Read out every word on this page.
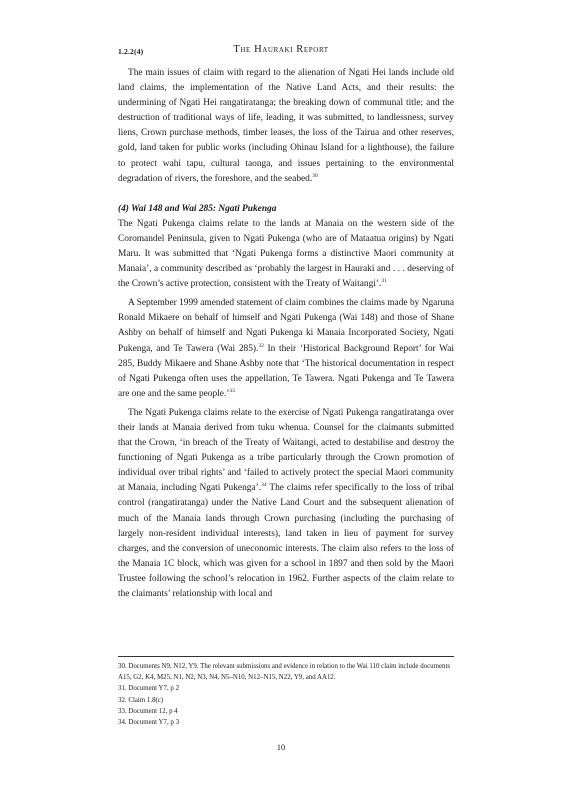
1.2.2(4)	The Hauraki Report

The main issues of claim with regard to the alienation of Ngati Hei lands include old land claims, the implementation of the Native Land Acts, and their results: the undermining of Ngati Hei rangatiratanga; the breaking down of communal title; and the destruction of traditional ways of life, leading, it was submitted, to landlessness, survey liens, Crown purchase methods, timber leases, the loss of the Tairua and other reserves, gold, land taken for public works (including Ohinau Island for a lighthouse), the failure to protect wahi tapu, cultural taonga, and issues pertaining to the environmental degradation of rivers, the foreshore, and the seabed.$^{30}$

(4) Wai 148 and Wai 285: Ngati Pukenga

The Ngati Pukenga claims relate to the lands at Manaia on the western side of the Coromandel Peninsula, given to Ngati Pukenga (who are of Mataatua origins) by Ngati Maru. It was submitted that ‘Ngati Pukenga forms a distinctive Maori community at Manaia’, a community described as ‘probably the largest in Hauraki and . . . deserving of the Crown’s active protection, consistent with the Treaty of Waitangi’.$^{31}$

A September 1999 amended statement of claim combines the claims made by Ngaruna Ronald Mikaere on behalf of himself and Ngati Pukenga (Wai 148) and those of Shane Ashby on behalf of himself and Ngati Pukenga ki Manaia Incorporated Society, Ngati Pukenga, and Te Tawera (Wai 285).$^{32}$ In their ‘Historical Background Report’ for Wai 285, Buddy Mikaere and Shane Ashby note that ‘The historical documentation in respect of Ngati Pukenga often uses the appellation, Te Tawera. Ngati Pukenga and Te Tawera are one and the same people.’$^{33}$

The Ngati Pukenga claims relate to the exercise of Ngati Pukenga rangatiratanga over their lands at Manaia derived from tuku whenua. Counsel for the claimants submitted that the Crown, ‘in breach of the Treaty of Waitangi, acted to destabilise and destroy the functioning of Ngati Pukenga as a tribe particularly through the Crown promotion of individual over tribal rights’ and ‘failed to actively protect the special Maori community at Manaia, including Ngati Pukenga’.$^{34}$ The claims refer specifically to the loss of tribal control (rangatiratanga) under the Native Land Court and the subsequent alienation of much of the Manaia lands through Crown purchasing (including the purchasing of largely non-resident individual interests), land taken in lieu of payment for survey charges, and the conversion of uneconomic interests. The claim also refers to the loss of the Manaia 1C block, which was given for a school in 1897 and then sold by the Maori Trustee following the school’s relocation in 1962. Further aspects of the claim relate to the claimants’ relationship with local and

30. Documents N9, N12, Y9. The relevant submissions and evidence in relation to the Wai 110 claim include documents A15, G2, K4, M25, N1, N2, N3, N4, N5–N10, N12–N15, N22, Y9, and AA12.

31. Document Y7, p 2

32. Claim 1.8(c)

33. Document 12, p 4

34. Document Y7, p 3

10
